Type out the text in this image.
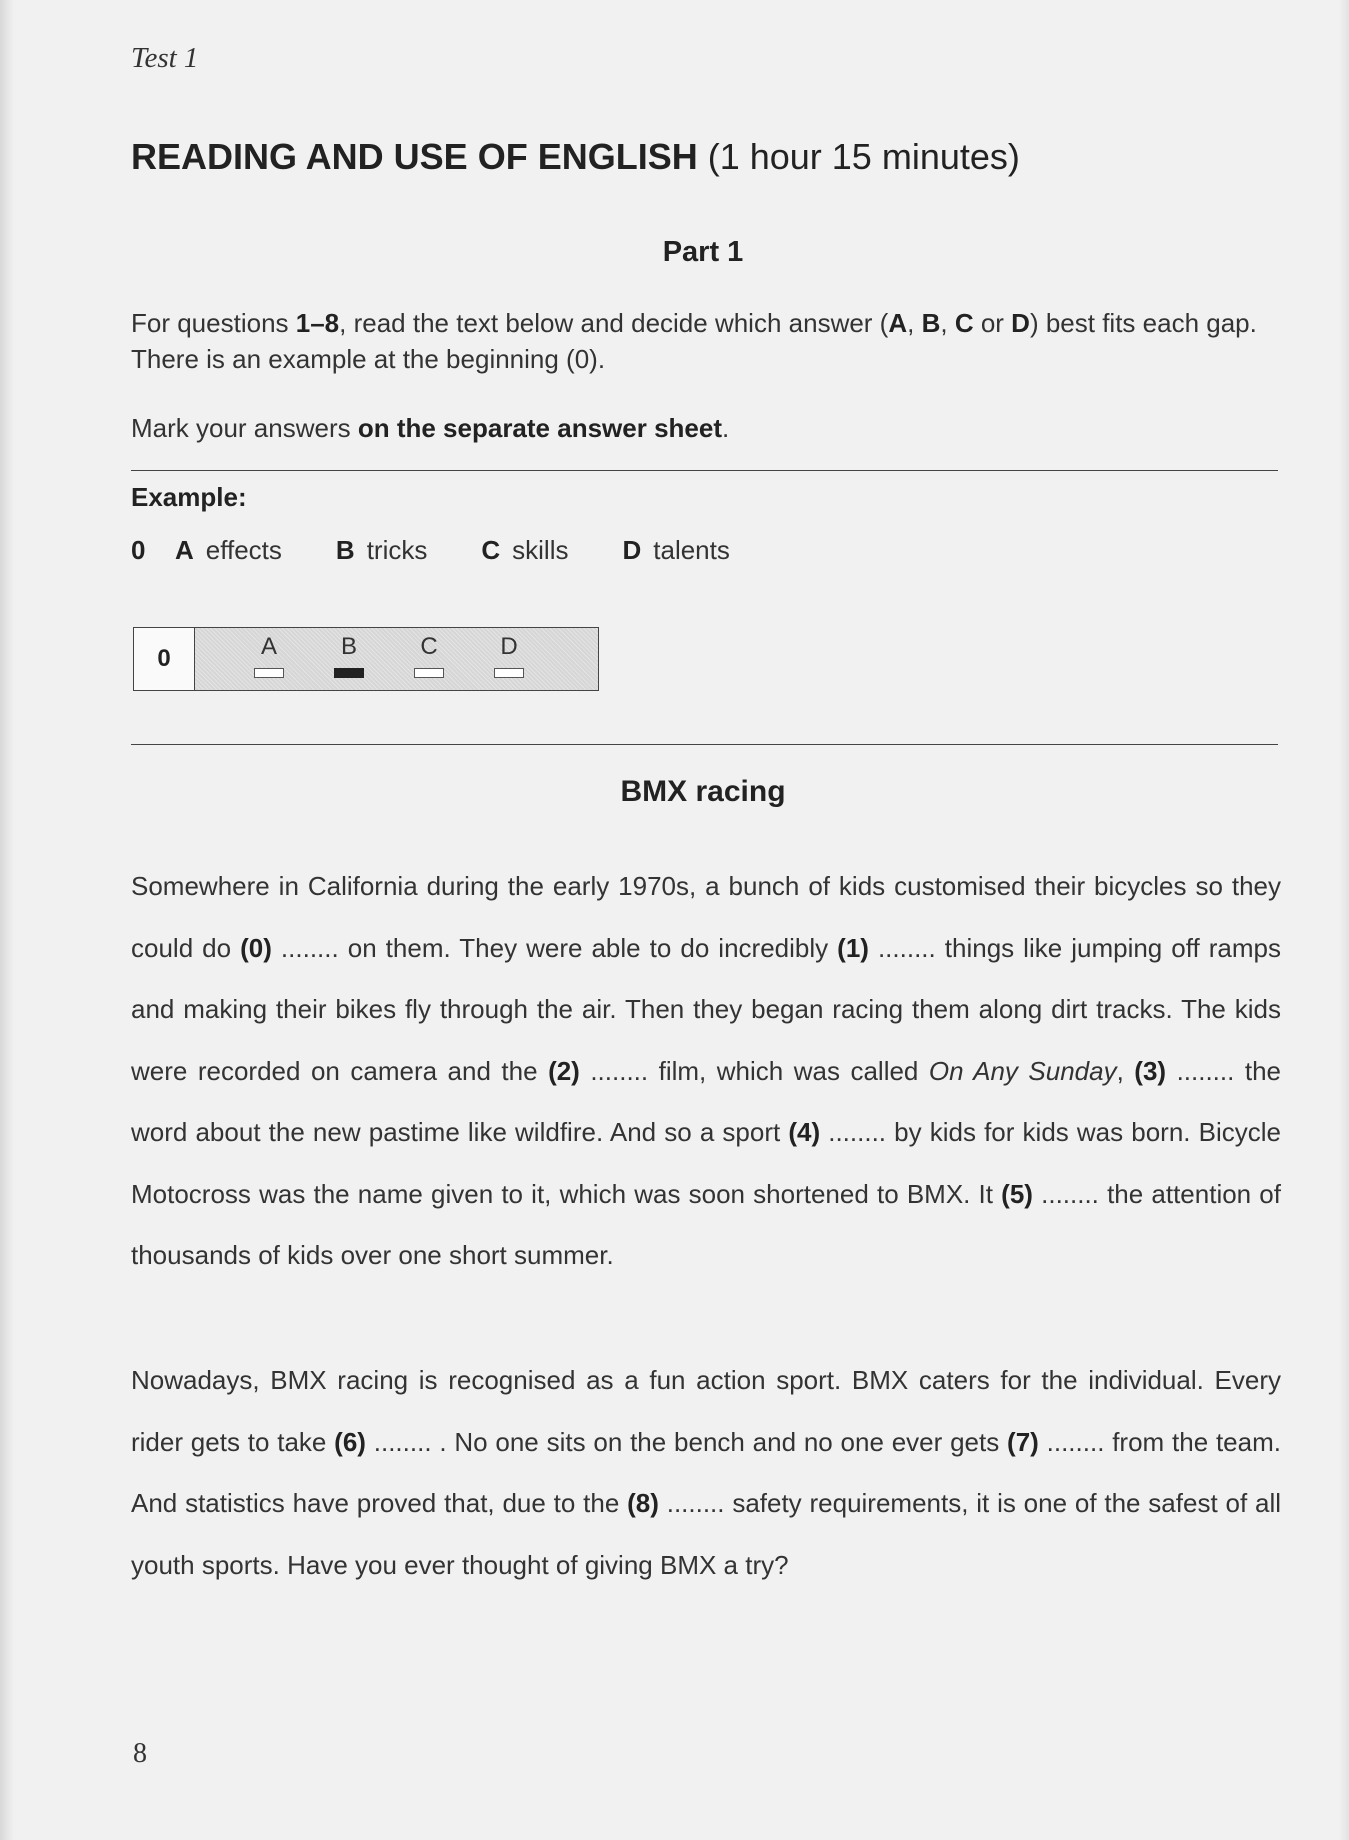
Test 1
READING AND USE OF ENGLISH (1 hour 15 minutes)
Part 1
For questions 1–8, read the text below and decide which answer (A, B, C or D) best fits each gap. There is an example at the beginning (0).
Mark your answers on the separate answer sheet.
Example:
0	A effects B tricks C skills D talents
0	A	B	C	D
BMX racing
Somewhere in California during the early 1970s, a bunch of kids customised their bicycles so they could do (0) ........ on them. They were able to do incredibly (1) ........ things like jumping off ramps and making their bikes fly through the air. Then they began racing them along dirt tracks. The kids were recorded on camera and the (2) ........ film, which was called On Any Sunday, (3) ........ the word about the new pastime like wildfire. And so a sport (4) ........ by kids for kids was born. Bicycle Motocross was the name given to it, which was soon shortened to BMX. It (5) ........ the attention of thousands of kids over one short summer.
Nowadays, BMX racing is recognised as a fun action sport. BMX caters for the individual. Every rider gets to take (6) ........ . No one sits on the bench and no one ever gets (7) ........ from the team. And statistics have proved that, due to the (8) ........ safety requirements, it is one of the safest of all youth sports. Have you ever thought of giving BMX a try?
8
